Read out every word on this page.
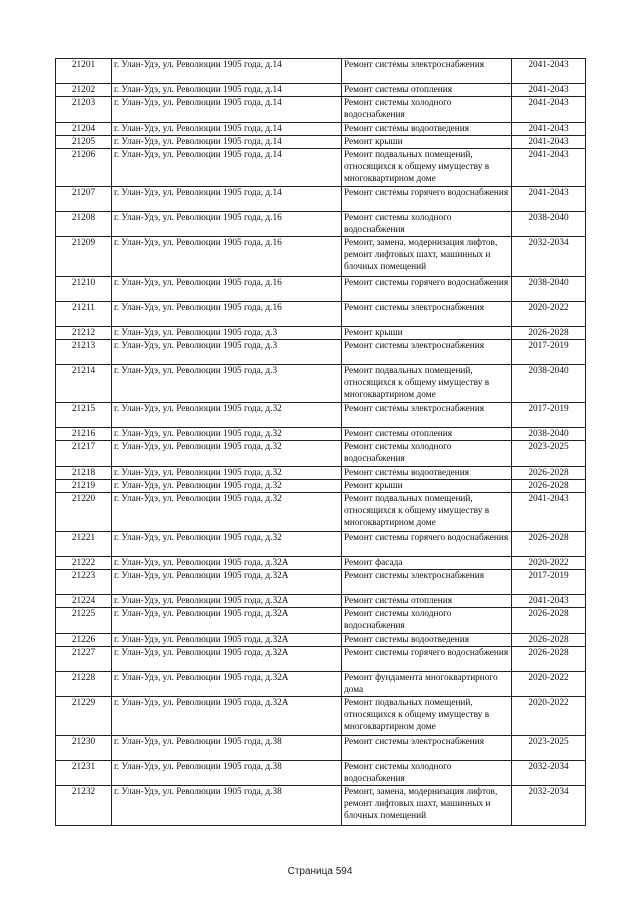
21201	г. Улан-Удэ, ул. Революции 1905 года, д.14	Ремонт системы электроснабжения	2041-2043
21202	г. Улан-Удэ, ул. Революции 1905 года, д.14	Ремонт системы отопления	2041-2043
21203	г. Улан-Удэ, ул. Революции 1905 года, д.14	Ремонт системы холодного водоснабжения	2041-2043
21204	г. Улан-Удэ, ул. Революции 1905 года, д.14	Ремонт системы водоотведения	2041-2043
21205	г. Улан-Удэ, ул. Революции 1905 года, д.14	Ремонт крыши	2041-2043
21206	г. Улан-Удэ, ул. Революции 1905 года, д.14	Ремонт подвальных помещений, относящихся к общему имуществу в многоквартирном доме	2041-2043
21207	г. Улан-Удэ, ул. Революции 1905 года, д.14	Ремонт системы горячего водоснабжения	2041-2043
21208	г. Улан-Удэ, ул. Революции 1905 года, д.16	Ремонт системы холодного водоснабжения	2038-2040
21209	г. Улан-Удэ, ул. Революции 1905 года, д.16	Ремонт, замена, модернизация лифтов, ремонт лифтовых шахт, машинных и блочных помещений	2032-2034
21210	г. Улан-Удэ, ул. Революции 1905 года, д.16	Ремонт системы горячего водоснабжения	2038-2040
21211	г. Улан-Удэ, ул. Революции 1905 года, д.16	Ремонт системы электроснабжения	2020-2022
21212	г. Улан-Удэ, ул. Революции 1905 года, д.3	Ремонт крыши	2026-2028
21213	г. Улан-Удэ, ул. Революции 1905 года, д.3	Ремонт системы электроснабжения	2017-2019
21214	г. Улан-Удэ, ул. Революции 1905 года, д.3	Ремонт подвальных помещений, относящихся к общему имуществу в многоквартирном доме	2038-2040
21215	г. Улан-Удэ, ул. Революции 1905 года, д.32	Ремонт системы электроснабжения	2017-2019
21216	г. Улан-Удэ, ул. Революции 1905 года, д.32	Ремонт системы отопления	2038-2040
21217	г. Улан-Удэ, ул. Революции 1905 года, д.32	Ремонт системы холодного водоснабжения	2023-2025
21218	г. Улан-Удэ, ул. Революции 1905 года, д.32	Ремонт системы водоотведения	2026-2028
21219	г. Улан-Удэ, ул. Революции 1905 года, д.32	Ремонт крыши	2026-2028
21220	г. Улан-Удэ, ул. Революции 1905 года, д.32	Ремонт подвальных помещений, относящихся к общему имуществу в многоквартирном доме	2041-2043
21221	г. Улан-Удэ, ул. Революции 1905 года, д.32	Ремонт системы горячего водоснабжения	2026-2028
21222	г. Улан-Удэ, ул. Революции 1905 года, д.32А	Ремонт фасада	2020-2022
21223	г. Улан-Удэ, ул. Революции 1905 года, д.32А	Ремонт системы электроснабжения	2017-2019
21224	г. Улан-Удэ, ул. Революции 1905 года, д.32А	Ремонт системы отопления	2041-2043
21225	г. Улан-Удэ, ул. Революции 1905 года, д.32А	Ремонт системы холодного водоснабжения	2026-2028
21226	г. Улан-Удэ, ул. Революции 1905 года, д.32А	Ремонт системы водоотведения	2026-2028
21227	г. Улан-Удэ, ул. Революции 1905 года, д.32А	Ремонт системы горячего водоснабжения	2026-2028
21228	г. Улан-Удэ, ул. Революции 1905 года, д.32А	Ремонт фундамента многоквартирного дома	2020-2022
21229	г. Улан-Удэ, ул. Революции 1905 года, д.32А	Ремонт подвальных помещений, относящихся к общему имуществу в многоквартирном доме	2020-2022
21230	г. Улан-Удэ, ул. Революции 1905 года, д.38	Ремонт системы электроснабжения	2023-2025
21231	г. Улан-Удэ, ул. Революции 1905 года, д.38	Ремонт системы холодного водоснабжения	2032-2034
21232	г. Улан-Удэ, ул. Революции 1905 года, д.38	Ремонт, замена, модернизация лифтов, ремонт лифтовых шахт, машинных и блочных помещений	2032-2034
Страница 594
